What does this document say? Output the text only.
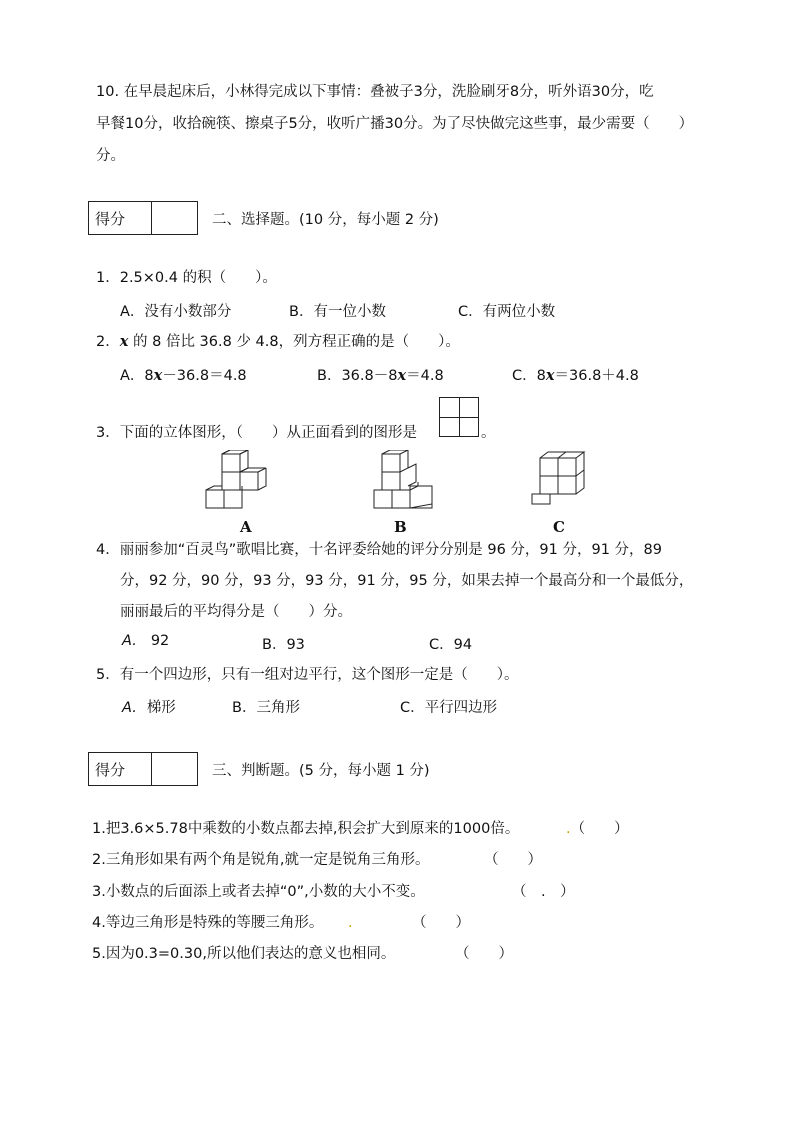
10. 在早晨起床后，小林得完成以下事情：叠被子3分，洗脸刷牙8分，听外语30分，吃
早餐10分，收拾碗筷、擦桌子5分，收听广播30分。为了尽快做完这些事，最少需要（　　）
分。
得分	二、选择题。(10 分，每小题 2 分)
1．2.5×0.4 的积（　　）。
A．没有小数部分	B．有一位小数	C．有两位小数
2．x 的 8 倍比 36.8 少 4.8，列方程正确的是（　　）。
A．8x－36.8＝4.8	B．36.8－8x＝4.8	C．8x＝36.8＋4.8
3．下面的立体图形，（　　）从正面看到的图形是	。
A	B	C
4．丽丽参加“百灵鸟”歌唱比赛，十名评委给她的评分分别是 96 分，91 分，91 分，89
分，92 分，90 分，93 分，93 分，91 分，95 分，如果去掉一个最高分和一个最低分，
丽丽最后的平均得分是（　　）分。
A. 92	B．93	C．94
5．有一个四边形，只有一组对边平行，这个图形一定是（　　）。
A. 梯形	B．三角形	C．平行四边形
得分	三、判断题。(5 分，每小题 1 分)
1.把3.6×5.78中乘数的小数点都去掉,积会扩大到原来的1000倍。	.（　　）
2.三角形如果有两个角是锐角,就一定是锐角三角形。	（　　）
3.小数点的后面添上或者去掉“0”,小数的大小不变。	（　.　）
4.等边三角形是特殊的等腰三角形。 .	（　　）
5.因为0.3=0.30,所以他们表达的意义也相同。	（　　）
